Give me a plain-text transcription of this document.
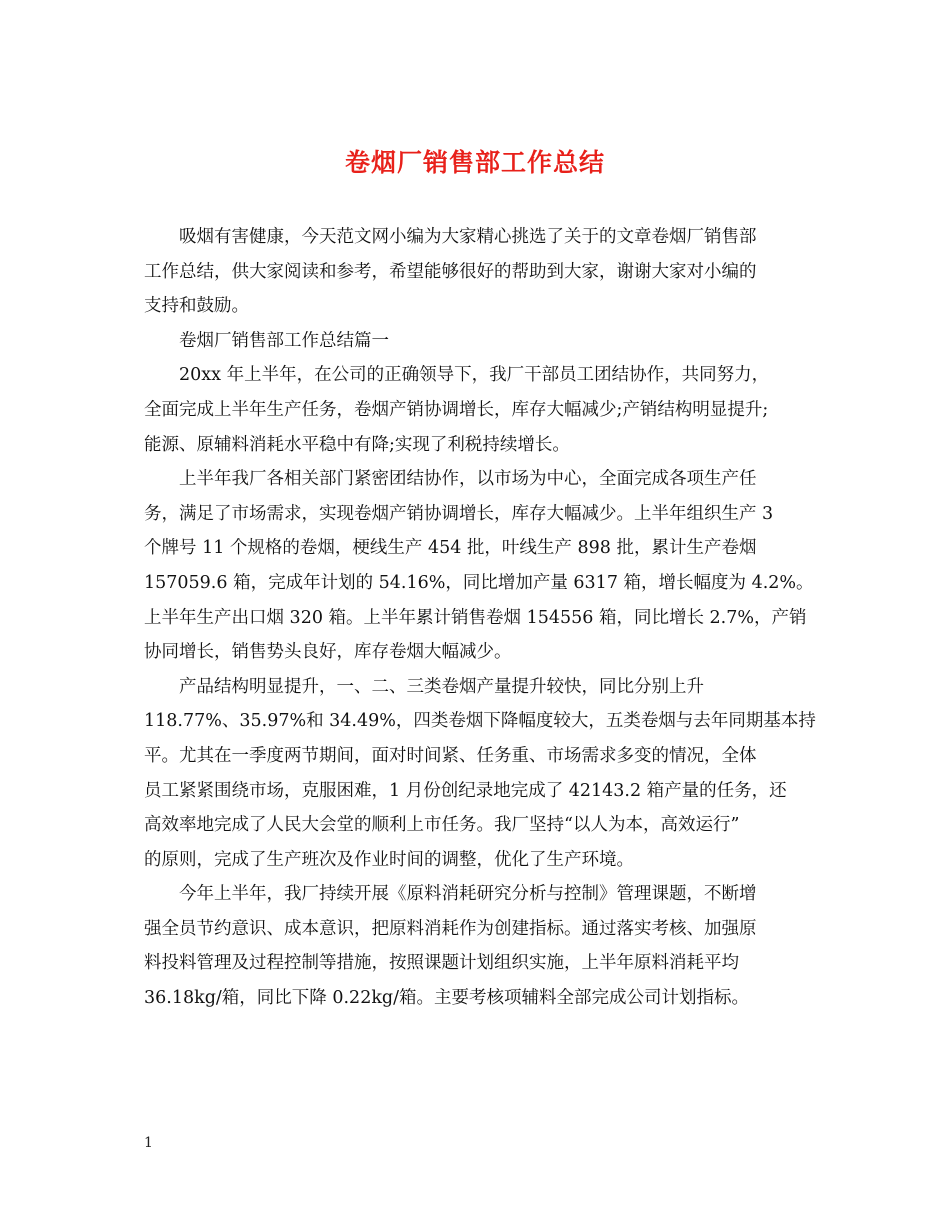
卷烟厂销售部工作总结
吸烟有害健康，今天范文网小编为大家精心挑选了关于的文章卷烟厂销售部
工作总结，供大家阅读和参考，希望能够很好的帮助到大家，谢谢大家对小编的
支持和鼓励。
卷烟厂销售部工作总结篇一
20xx 年上半年，在公司的正确领导下，我厂干部员工团结协作，共同努力，
全面完成上半年生产任务，卷烟产销协调增长，库存大幅减少;产销结构明显提升;
能源、原辅料消耗水平稳中有降;实现了利税持续增长。
上半年我厂各相关部门紧密团结协作，以市场为中心，全面完成各项生产任
务，满足了市场需求，实现卷烟产销协调增长，库存大幅减少。上半年组织生产 3
个牌号 11 个规格的卷烟，梗线生产 454 批，叶线生产 898 批，累计生产卷烟
157059.6 箱，完成年计划的 54.16%，同比增加产量 6317 箱，增长幅度为 4.2%。
上半年生产出口烟 320 箱。上半年累计销售卷烟 154556 箱，同比增长 2.7%，产销
协同增长，销售势头良好，库存卷烟大幅减少。
产品结构明显提升，一、二、三类卷烟产量提升较快，同比分别上升
118.77%、35.97%和 34.49%，四类卷烟下降幅度较大，五类卷烟与去年同期基本持
平。尤其在一季度两节期间，面对时间紧、任务重、市场需求多变的情况，全体
员工紧紧围绕市场，克服困难，1 月份创纪录地完成了 42143.2 箱产量的任务，还
高效率地完成了人民大会堂的顺利上市任务。我厂坚持“以人为本，高效运行”
的原则，完成了生产班次及作业时间的调整，优化了生产环境。
今年上半年，我厂持续开展《原料消耗研究分析与控制》管理课题，不断增
强全员节约意识、成本意识，把原料消耗作为创建指标。通过落实考核、加强原
料投料管理及过程控制等措施，按照课题计划组织实施，上半年原料消耗平均
36.18kg/箱，同比下降 0.22kg/箱。主要考核项辅料全部完成公司计划指标。
1
